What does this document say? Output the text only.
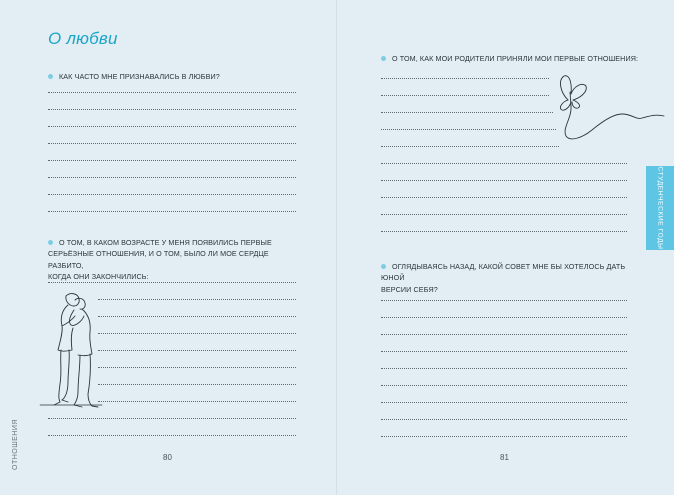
О любви
КАК ЧАСТО МНЕ ПРИЗНАВАЛИСЬ В ЛЮБВИ?
О ТОМ, В КАКОМ ВОЗРАСТЕ У МЕНЯ ПОЯВИЛИСЬ ПЕРВЫЕ
СЕРЬЁЗНЫЕ ОТНОШЕНИЯ, И О ТОМ, БЫЛО ЛИ МОЕ СЕРДЦЕ РАЗБИТО,
КОГДА ОНИ ЗАКОНЧИЛИСЬ:
ОТНОШЕНИЯ	80
О ТОМ, КАК МОИ РОДИТЕЛИ ПРИНЯЛИ МОИ ПЕРВЫЕ ОТНОШЕНИЯ:
ОГЛЯДЫВАЯСЬ НАЗАД, КАКОЙ СОВЕТ МНЕ БЫ ХОТЕЛОСЬ ДАТЬ ЮНОЙ
ВЕРСИИ СЕБЯ?
СТУДЕНЧЕСКИЕ ГОДЫ
81
